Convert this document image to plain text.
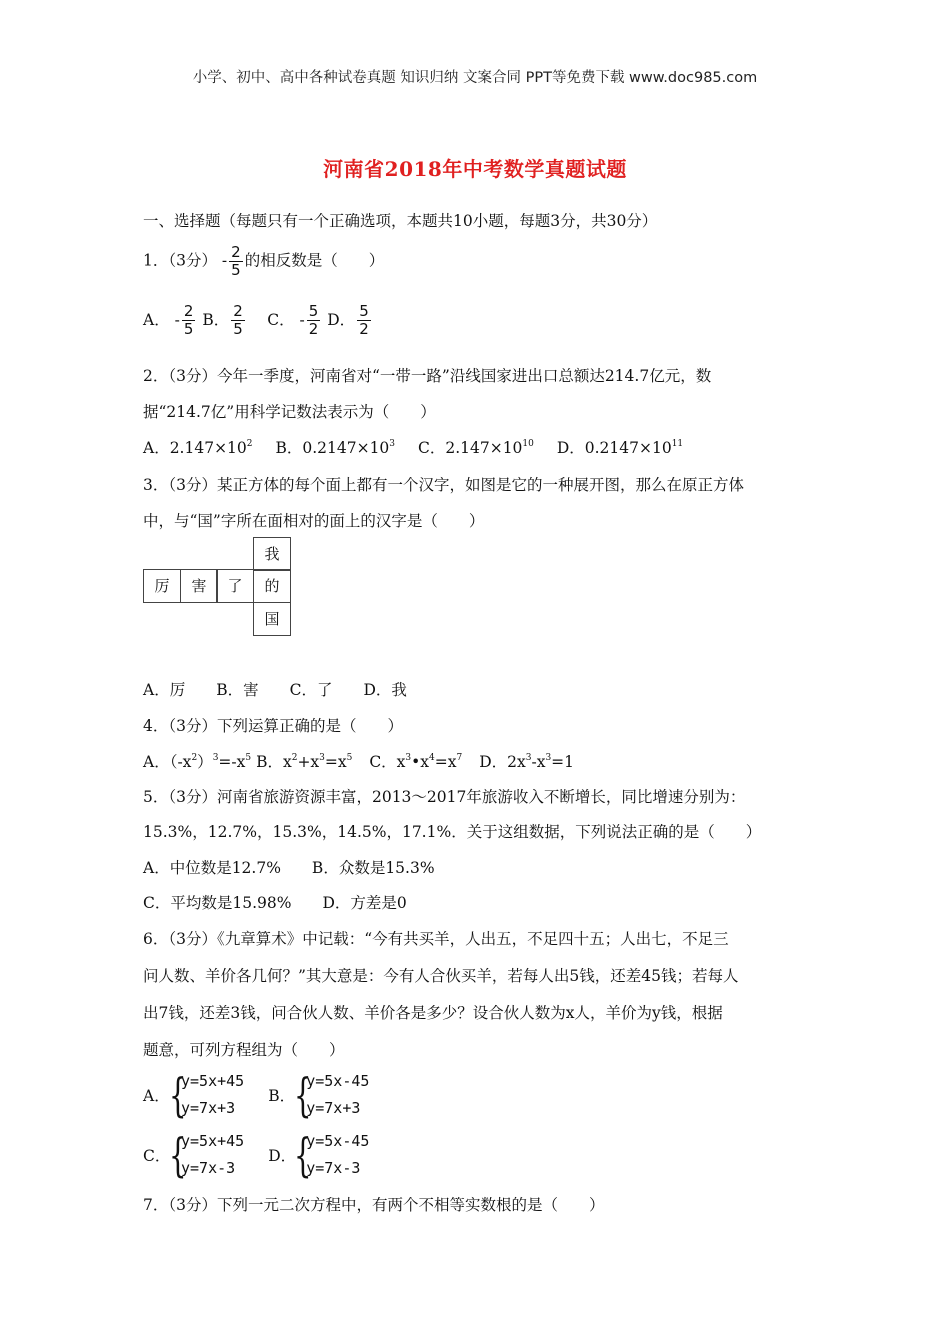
小学、初中、高中各种试卷真题 知识归纳 文案合同 PPT等免费下载 www.doc985.com
河南省2018年中考数学真题试题
一、选择题（每题只有一个正确选项，本题共10小题，每题3分，共30分）
1．（3分） - $\frac{2}{5}$ 的相反数是（　　）
A． - $\frac{2}{5}$ B． $\frac{2}{5}$
　 C． - $\frac{5}{2}$ D． $\frac{5}{2}$
2．（3分）今年一季度，河南省对“一带一路”沿线国家进出口总额达214.7亿元，数
据“214.7亿”用科学记数法表示为（　　）
A．$2.147\times 10^2$ B．$0.2147\times 10^3$ C．$2.147\times 10^{10}$ D．$0.2147\times 10^{11}$
3．（3分）某正方体的每个面上都有一个汉字，如图是它的一种展开图，那么在原正方体
中，与“国”字所在面相对的面上的汉字是（　　）
我
厉	害	了	的
国
A．厉　　B．害　　C．了　　D．我
4．（3分）下列运算正确的是（　　）
A．$(-x^2)^3=-x^5$ B．$x^2+x^3=x^5$ C．$x^3•x^4=x^7$ D．$2x^3-x^3=1$
5．（3分）河南省旅游资源丰富，2013～2017年旅游收入不断增长，同比增速分别为：
15.3%，12.7%，15.3%，14.5%，17.1%．关于这组数据，下列说法正确的是（　　）
A．中位数是12.7%　　B．众数是15.3%
C．平均数是15.98%　　D．方差是0
6．（3分）《九章算术》中记载：“今有共买羊，人出五，不足四十五；人出七，不足三
问人数、羊价各几何？”其大意是：今有人合伙买羊，若每人出5钱，还差45钱；若每人
出7钱，还差3钱，问合伙人数、羊价各是多少？设合伙人数为x人，羊价为y钱，根据
题意，可列方程组为（　　）
A． {
y=5x+45
y=7x+3
B． {
y=5x-45
y=7x+3
C．
{
y=5x+45
y=7x-3
D．
{
y=5x-45
y=7x-3
7．（3分）下列一元二次方程中，有两个不相等实数根的是（　　）
